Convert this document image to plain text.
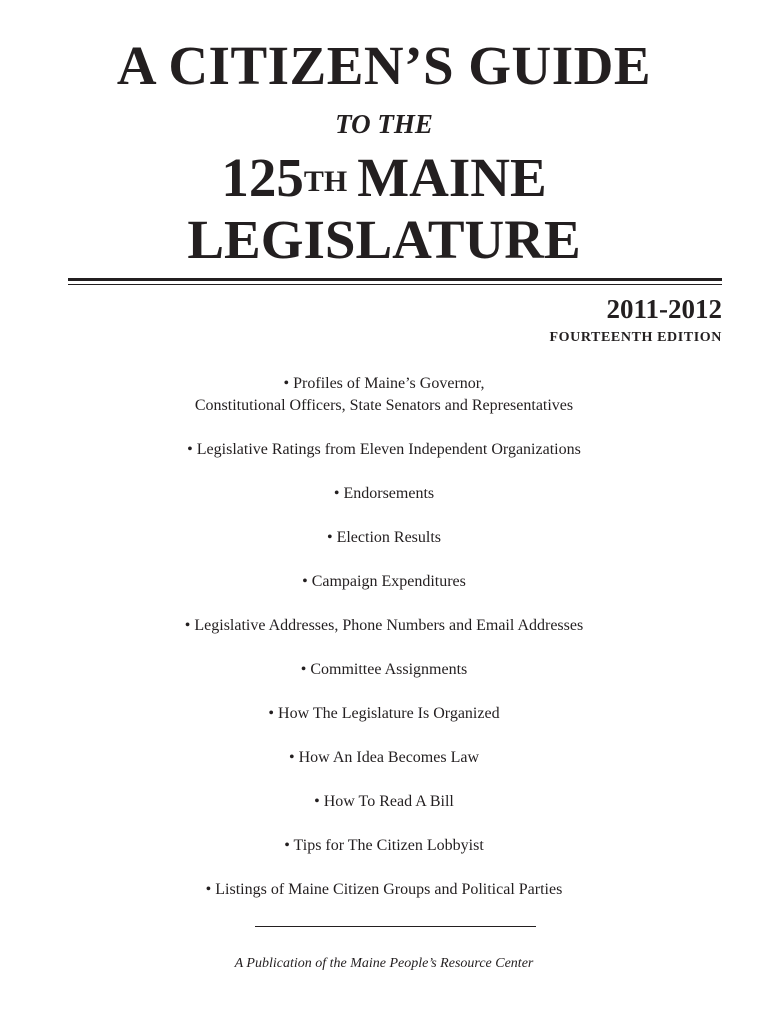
A CITIZEN’S GUIDE
TO THE
125TH MAINE
LEGISLATURE
2011-2012
FOURTEENTH EDITION
• Profiles of Maine’s Governor,
Constitutional Officers, State Senators and Representatives
• Legislative Ratings from Eleven Independent Organizations
• Endorsements
• Election Results
• Campaign Expenditures
• Legislative Addresses, Phone Numbers and Email Addresses
• Committee Assignments
• How The Legislature Is Organized
• How An Idea Becomes Law
• How To Read A Bill
• Tips for The Citizen Lobbyist
• Listings of Maine Citizen Groups and Political Parties
A Publication of the Maine People’s Resource Center
